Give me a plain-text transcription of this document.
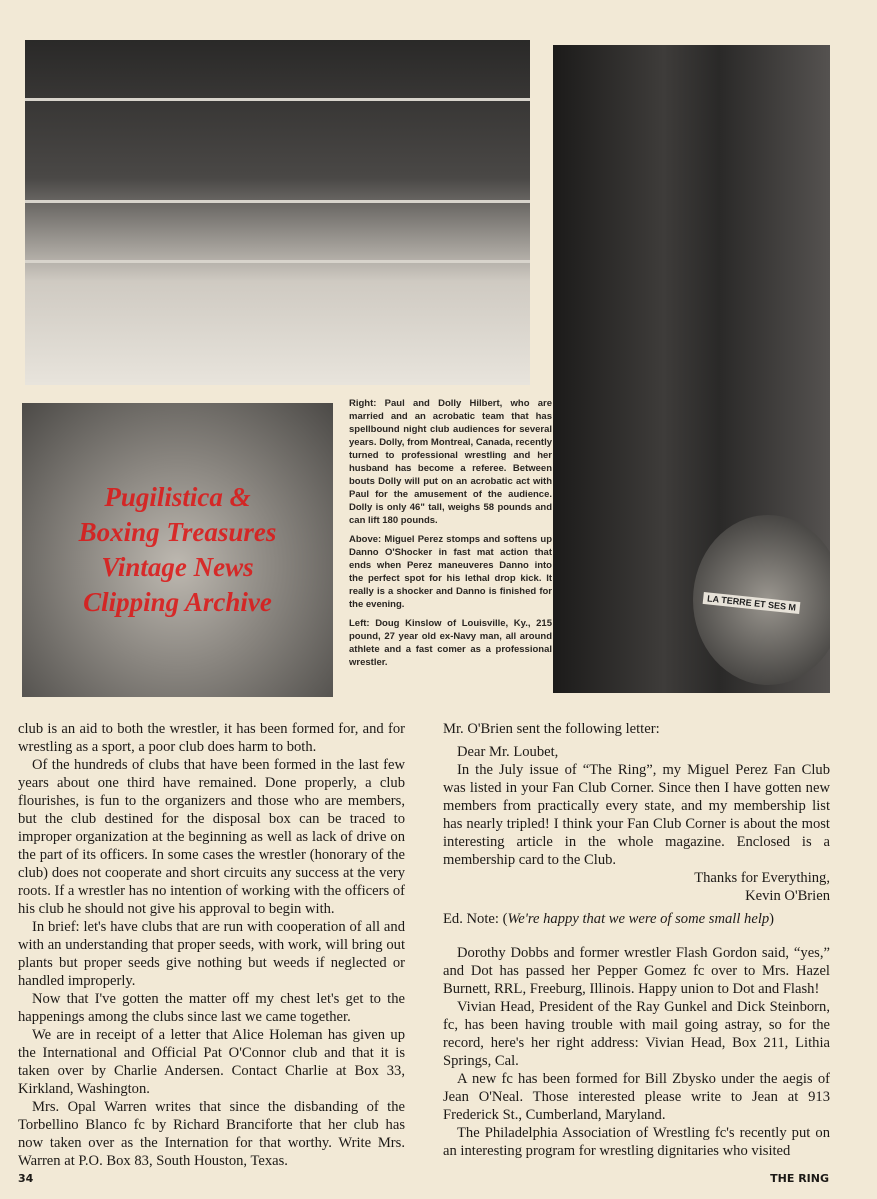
LA TERRE ET SES M

Right: Paul and Dolly Hilbert, who are married and an acrobatic team that has spellbound night club audiences for several years. Dolly, from Montreal, Canada, recently turned to professional wrestling and her husband has become a referee. Between bouts Dolly will put on an acrobatic act with Paul for the amusement of the audience. Dolly is only 46" tall, weighs 58 pounds and can lift 180 pounds.

Above: Miguel Perez stomps and softens up Danno O'Shocker in fast mat action that ends when Perez maneuveres Danno into the perfect spot for his lethal drop kick. It really is a shocker and Danno is finished for the evening.

Left: Doug Kinslow of Louisville, Ky., 215 pound, 27 year old ex-Navy man, all around athlete and a fast comer as a professional wrestler.

Pugilistica &
Boxing Treasures
Vintage News
Clipping Archive

club is an aid to both the wrestler, it has been formed for, and for wrestling as a sport, a poor club does harm to both.

Of the hundreds of clubs that have been formed in the last few years about one third have remained. Done properly, a club flourishes, is fun to the organizers and those who are members, but the club destined for the disposal box can be traced to improper organization at the beginning as well as lack of drive on the part of its officers. In some cases the wrestler (honorary of the club) does not cooperate and short circuits any success at the very roots. If a wrestler has no intention of working with the officers of his club he should not give his approval to begin with.

In brief: let's have clubs that are run with cooperation of all and with an understanding that proper seeds, with work, will bring out plants but proper seeds give nothing but weeds if neglected or handled improperly.

Now that I've gotten the matter off my chest let's get to the happenings among the clubs since last we came together.

We are in receipt of a letter that Alice Holeman has given up the International and Official Pat O'Connor club and that it is taken over by Charlie Andersen. Contact Charlie at Box 33, Kirkland, Washington.

Mrs. Opal Warren writes that since the disbanding of the Torbellino Blanco fc by Richard Branciforte that her club has now taken over as the Internation for that worthy. Write Mrs. Warren at P.O. Box 83, South Houston, Texas.

Mr. O'Brien sent the following letter:

Dear Mr. Loubet,

In the July issue of “The Ring”, my Miguel Perez Fan Club was listed in your Fan Club Corner. Since then I have gotten new members from practically every state, and my membership list has nearly tripled! I think your Fan Club Corner is about the most interesting article in the whole magazine. Enclosed is a membership card to the Club.

Thanks for Everything,

Kevin O'Brien

Ed. Note: (We're happy that we were of some small help)

Dorothy Dobbs and former wrestler Flash Gordon said, “yes,” and Dot has passed her Pepper Gomez fc over to Mrs. Hazel Burnett, RRL, Freeburg, Illinois. Happy union to Dot and Flash!

Vivian Head, President of the Ray Gunkel and Dick Steinborn, fc, has been having trouble with mail going astray, so for the record, here's her right address: Vivian Head, Box 211, Lithia Springs, Cal.

A new fc has been formed for Bill Zbysko under the aegis of Jean O'Neal. Those interested please write to Jean at 913 Frederick St., Cumberland, Maryland.

The Philadelphia Association of Wrestling fc's recently put on an interesting program for wrestling dignitaries who visited

34	THE RING
